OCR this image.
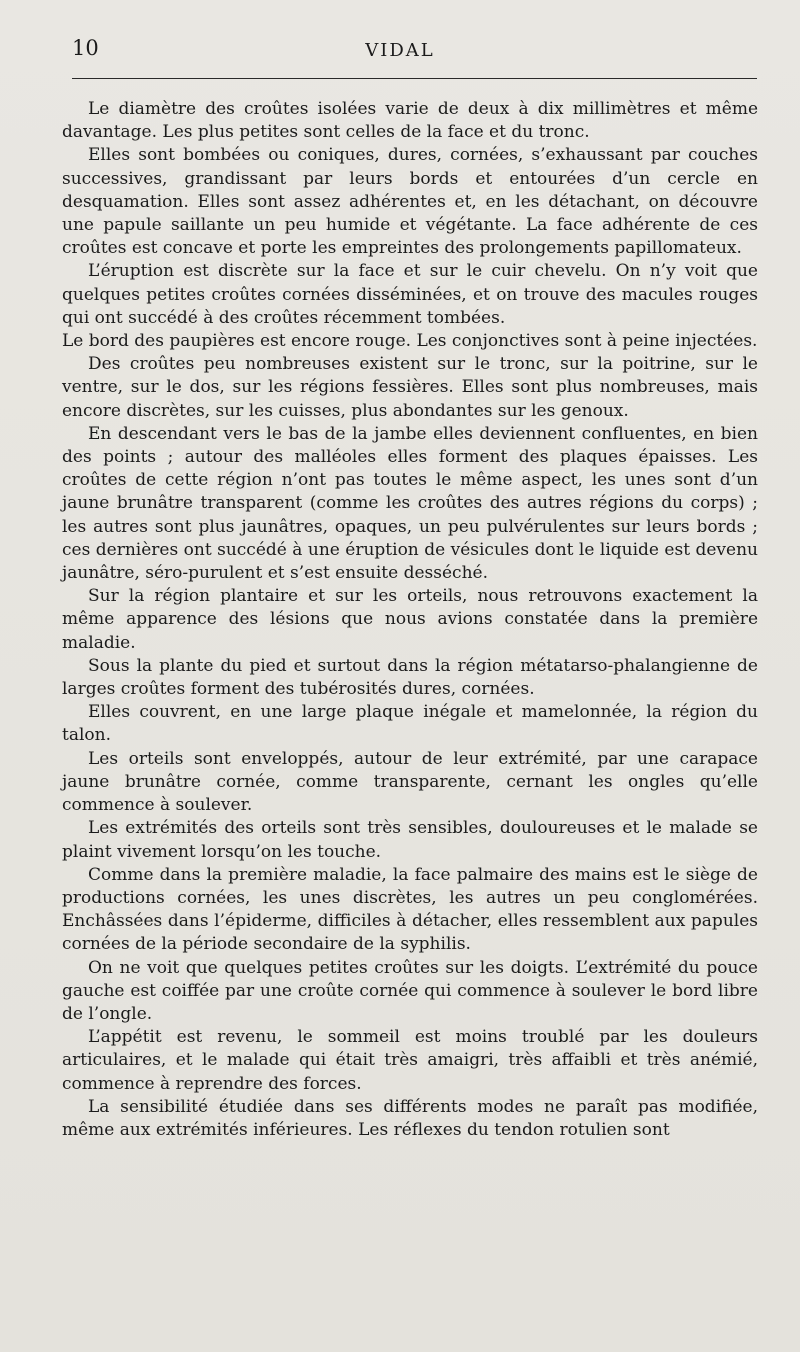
10	VIDAL

Le diamètre des croûtes isolées varie de deux à dix millimètres et même davantage. Les plus petites sont celles de la face et du tronc.

Elles sont bombées ou coniques, dures, cornées, s’exhaussant par couches successives, grandissant par leurs bords et entourées d’un cercle en desquamation. Elles sont assez adhérentes et, en les détachant, on découvre une papule saillante un peu humide et végétante. La face adhérente de ces croûtes est concave et porte les empreintes des prolongements papillomateux.

L’éruption est discrète sur la face et sur le cuir chevelu. On n’y voit que quelques petites croûtes cornées disséminées, et on trouve des macules rouges qui ont succédé à des croûtes récemment tombées.

Le bord des paupières est encore rouge. Les conjonctives sont à peine injectées.

Des croûtes peu nombreuses existent sur le tronc, sur la poitrine, sur le ventre, sur le dos, sur les régions fessières. Elles sont plus nombreuses, mais encore discrètes, sur les cuisses, plus abondantes sur les genoux.

En descendant vers le bas de la jambe elles deviennent confluentes, en bien des points ; autour des malléoles elles forment des plaques épaisses. Les croûtes de cette région n’ont pas toutes le même aspect, les unes sont d’un jaune brunâtre transparent (comme les croûtes des autres régions du corps) ; les autres sont plus jaunâtres, opaques, un peu pulvérulentes sur leurs bords ; ces dernières ont succédé à une éruption de vésicules dont le liquide est devenu jaunâtre, séro-purulent et s’est ensuite desséché.

Sur la région plantaire et sur les orteils, nous retrouvons exactement la même apparence des lésions que nous avions constatée dans la première maladie.

Sous la plante du pied et surtout dans la région métatarso-phalangienne de larges croûtes forment des tubérosités dures, cornées.

Elles couvrent, en une large plaque inégale et mamelonnée, la région du talon.

Les orteils sont enveloppés, autour de leur extrémité, par une carapace jaune brunâtre cornée, comme transparente, cernant les ongles qu’elle commence à soulever.

Les extrémités des orteils sont très sensibles, douloureuses et le malade se plaint vivement lorsqu’on les touche.

Comme dans la première maladie, la face palmaire des mains est le siège de productions cornées, les unes discrètes, les autres un peu conglomérées. Enchâssées dans l’épiderme, difficiles à détacher, elles ressemblent aux papules cornées de la période secondaire de la syphilis.

On ne voit que quelques petites croûtes sur les doigts. L’extrémité du pouce gauche est coiffée par une croûte cornée qui commence à soulever le bord libre de l’ongle.

L’appétit est revenu, le sommeil est moins troublé par les douleurs articulaires, et le malade qui était très amaigri, très affaibli et très anémié, commence à reprendre des forces.

La sensibilité étudiée dans ses différents modes ne paraît pas modifiée, même aux extrémités inférieures. Les réflexes du tendon rotulien sont
